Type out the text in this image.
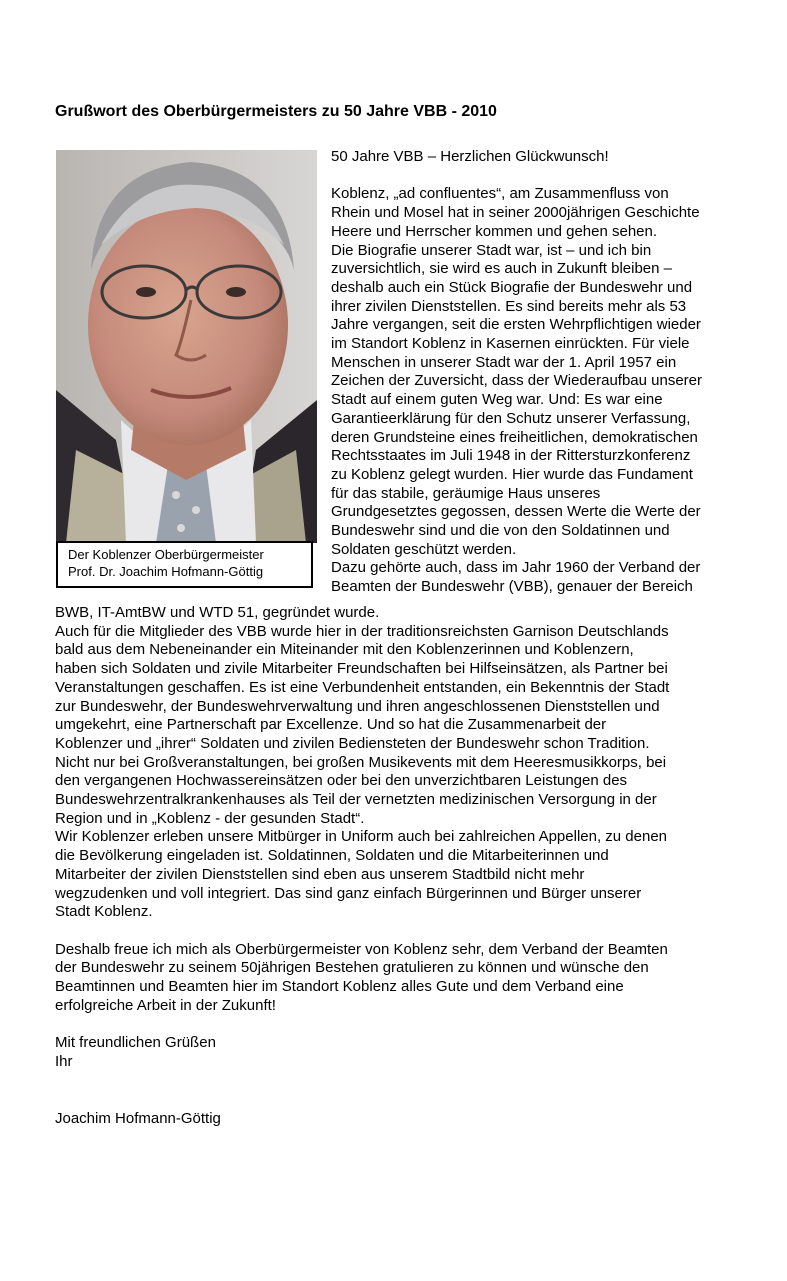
Grußwort des Oberbürgermeisters zu 50 Jahre VBB - 2010
Der Koblenzer Oberbürgermeister
Prof. Dr. Joachim Hofmann-Göttig

50 Jahre VBB – Herzlichen Glückwunsch!

Koblenz, „ad confluentes“, am Zusammenfluss von
Rhein und Mosel hat in seiner 2000jährigen Geschichte
Heere und Herrscher kommen und gehen sehen.
Die Biografie unserer Stadt war, ist – und ich bin
zuversichtlich, sie wird es auch in Zukunft bleiben –
deshalb auch ein Stück Biografie der Bundeswehr und
ihrer zivilen Dienststellen. Es sind bereits mehr als 53
Jahre vergangen, seit die ersten Wehrpflichtigen wieder
im Standort Koblenz in Kasernen einrückten. Für viele
Menschen in unserer Stadt war der 1. April 1957 ein
Zeichen der Zuversicht, dass der Wiederaufbau unserer
Stadt auf einem guten Weg war. Und: Es war eine
Garantieerklärung für den Schutz unserer Verfassung,
deren Grundsteine eines freiheitlichen, demokratischen
Rechtsstaates im Juli 1948 in der Rittersturzkonferenz
zu Koblenz gelegt wurden. Hier wurde das Fundament
für das stabile, geräumige Haus unseres
Grundgesetztes gegossen, dessen Werte die Werte der
Bundeswehr sind und die von den Soldatinnen und
Soldaten geschützt werden.
Dazu gehörte auch, dass im Jahr 1960 der Verband der
Beamten der Bundeswehr (VBB), genauer der Bereich

BWB, IT-AmtBW und WTD 51, gegründet wurde.
Auch für die Mitglieder des VBB wurde hier in der traditionsreichsten Garnison Deutschlands
bald aus dem Nebeneinander ein Miteinander mit den Koblenzerinnen und Koblenzern,
haben sich Soldaten und zivile Mitarbeiter Freundschaften bei Hilfseinsätzen, als Partner bei
Veranstaltungen geschaffen. Es ist eine Verbundenheit entstanden, ein Bekenntnis der Stadt
zur Bundeswehr, der Bundeswehrverwaltung und ihren angeschlossenen Dienststellen und
umgekehrt, eine Partnerschaft par Excellenze. Und so hat die Zusammenarbeit der
Koblenzer und „ihrer“ Soldaten und zivilen Bediensteten der Bundeswehr schon Tradition.
Nicht nur bei Großveranstaltungen, bei großen Musikevents mit dem Heeresmusikkorps, bei
den vergangenen Hochwassereinsätzen oder bei den unverzichtbaren Leistungen des
Bundeswehrzentralkrankenhauses als Teil der vernetzten medizinischen Versorgung in der
Region und in „Koblenz - der gesunden Stadt“.
Wir Koblenzer erleben unsere Mitbürger in Uniform auch bei zahlreichen Appellen, zu denen
die Bevölkerung eingeladen ist. Soldatinnen, Soldaten und die Mitarbeiterinnen und
Mitarbeiter der zivilen Dienststellen sind eben aus unserem Stadtbild nicht mehr
wegzudenken und voll integriert. Das sind ganz einfach Bürgerinnen und Bürger unserer
Stadt Koblenz.

Deshalb freue ich mich als Oberbürgermeister von Koblenz sehr, dem Verband der Beamten
der Bundeswehr zu seinem 50jährigen Bestehen gratulieren zu können und wünsche den
Beamtinnen und Beamten hier im Standort Koblenz alles Gute und dem Verband eine
erfolgreiche Arbeit in der Zukunft!

Mit freundlichen Grüßen

Ihr

Joachim Hofmann-Göttig
